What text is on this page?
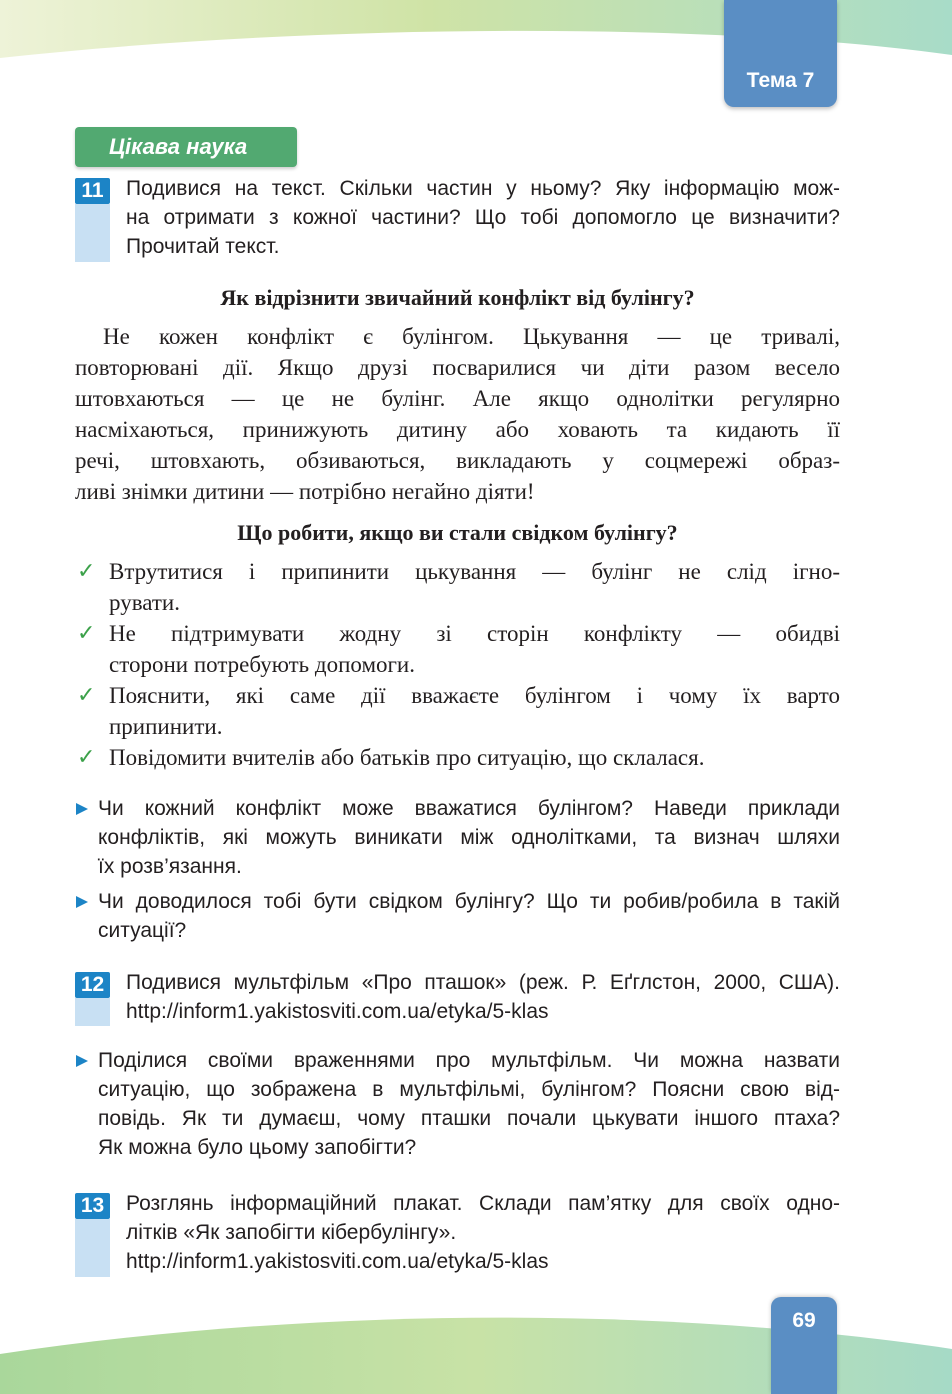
Тема 7
69
Цікава наука
11	Подивися на текст. Скільки частин у ньому? Яку інформацію мож-
на отримати з кожної частини? Що тобі допомогло це визначити?
Прочитай текст.
Як відрізнити звичайний конфлікт від булінгу?
Не кожен конфлікт є булінгом. Цькування — це тривалі,
повторювані дії. Якщо друзі посварилися чи діти разом весело
штовхаються — це не булінг. Але якщо однолітки регулярно
насміхаються, принижують дитину або ховають та кидають її
речі, штовхають, обзиваються, викладають у соцмережі образ-
ливі знімки дитини — потрібно негайно діяти!
Що робити, якщо ви стали свідком булінгу?
✓ Втрутитися і припинити цькування — булінг не слід ігно-
рувати.
✓ Не підтримувати жодну зі сторін конфлікту — обидві
сторони потребують допомоги.
✓ Пояснити, які саме дії вважаєте булінгом і чому їх варто
припинити.
✓ Повідомити вчителів або батьків про ситуацію, що склалася.
Чи кожний конфлікт може вважатися булінгом? Наведи приклади
конфліктів, які можуть виникати між однолітками, та визнач шляхи
їх розв’язання.
Чи доводилося тобі бути свідком булінгу? Що ти робив/робила в такій
ситуації?
12 Подивися мультфільм «Про пташок» (реж. Р. Еґглстон, 2000, США).
http://inform1.yakistosviti.com.ua/etyka/5-klas
Поділися своїми враженнями про мультфільм. Чи можна назвати
ситуацію, що зображена в мультфільмі, булінгом? Поясни свою від-
повідь. Як ти думаєш, чому пташки почали цькувати іншого птаха?
Як можна було цьому запобігти?
13 Розглянь інформаційний плакат. Склади пам’ятку для своїх одно-
літків «Як запобігти кібербулінгу».
http://inform1.yakistosviti.com.ua/etyka/5-klas
